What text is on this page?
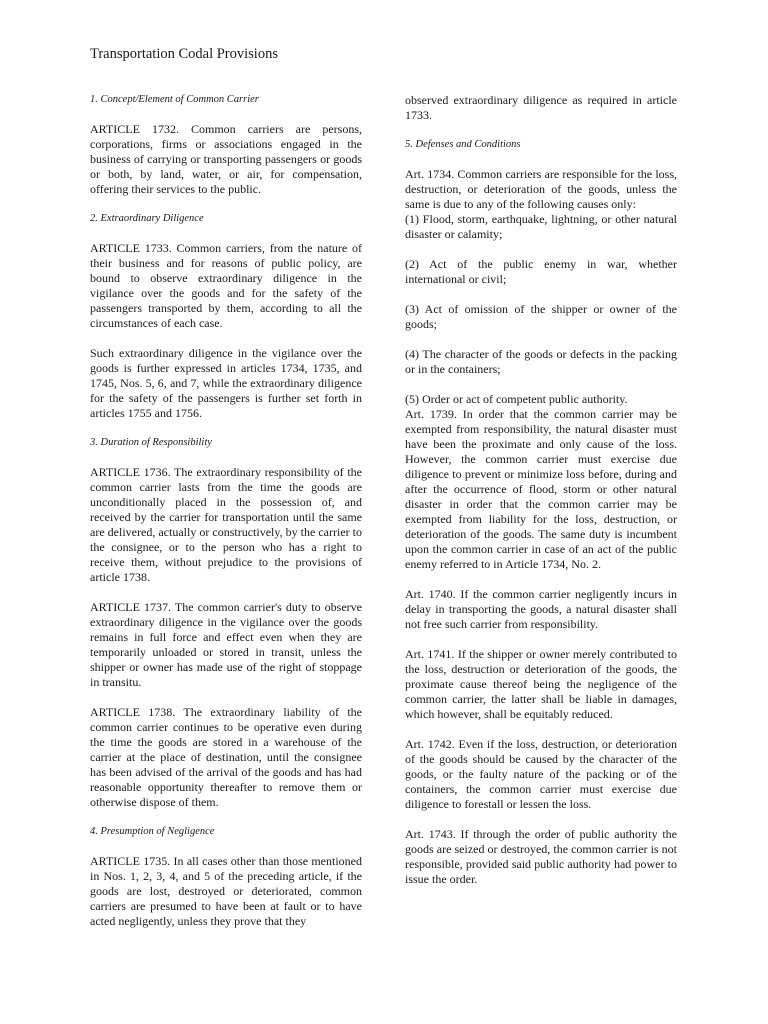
Transportation Codal Provisions
1. Concept/Element of Common Carrier
ARTICLE 1732. Common carriers are persons, corporations, firms or associations engaged in the business of carrying or transporting passengers or goods or both, by land, water, or air, for compensation, offering their services to the public.
2. Extraordinary Diligence
ARTICLE 1733. Common carriers, from the nature of their business and for reasons of public policy, are bound to observe extraordinary diligence in the vigilance over the goods and for the safety of the passengers transported by them, according to all the circumstances of each case.
Such extraordinary diligence in the vigilance over the goods is further expressed in articles 1734, 1735, and 1745, Nos. 5, 6, and 7, while the extraordinary diligence for the safety of the passengers is further set forth in articles 1755 and 1756.
3. Duration of Responsibility
ARTICLE 1736. The extraordinary responsibility of the common carrier lasts from the time the goods are unconditionally placed in the possession of, and received by the carrier for transportation until the same are delivered, actually or constructively, by the carrier to the consignee, or to the person who has a right to receive them, without prejudice to the provisions of article 1738.
ARTICLE 1737. The common carrier's duty to observe extraordinary diligence in the vigilance over the goods remains in full force and effect even when they are temporarily unloaded or stored in transit, unless the shipper or owner has made use of the right of stoppage in transitu.
ARTICLE 1738. The extraordinary liability of the common carrier continues to be operative even during the time the goods are stored in a warehouse of the carrier at the place of destination, until the consignee has been advised of the arrival of the goods and has had reasonable opportunity thereafter to remove them or otherwise dispose of them.
4. Presumption of Negligence
ARTICLE 1735. In all cases other than those mentioned in Nos. 1, 2, 3, 4, and 5 of the preceding article, if the goods are lost, destroyed or deteriorated, common carriers are presumed to have been at fault or to have acted negligently, unless they prove that they
observed extraordinary diligence as required in article 1733.
5. Defenses and Conditions
Art. 1734. Common carriers are responsible for the loss, destruction, or deterioration of the goods, unless the same is due to any of the following causes only:
(1) Flood, storm, earthquake, lightning, or other natural disaster or calamity;
(2) Act of the public enemy in war, whether international or civil;
(3) Act of omission of the shipper or owner of the goods;
(4) The character of the goods or defects in the packing or in the containers;
(5) Order or act of competent public authority.
Art. 1739. In order that the common carrier may be exempted from responsibility, the natural disaster must have been the proximate and only cause of the loss. However, the common carrier must exercise due diligence to prevent or minimize loss before, during and after the occurrence of flood, storm or other natural disaster in order that the common carrier may be exempted from liability for the loss, destruction, or deterioration of the goods. The same duty is incumbent upon the common carrier in case of an act of the public enemy referred to in Article 1734, No. 2.
Art. 1740. If the common carrier negligently incurs in delay in transporting the goods, a natural disaster shall not free such carrier from responsibility.
Art. 1741. If the shipper or owner merely contributed to the loss, destruction or deterioration of the goods, the proximate cause thereof being the negligence of the common carrier, the latter shall be liable in damages, which however, shall be equitably reduced.
Art. 1742. Even if the loss, destruction, or deterioration of the goods should be caused by the character of the goods, or the faulty nature of the packing or of the containers, the common carrier must exercise due diligence to forestall or lessen the loss.
Art. 1743. If through the order of public authority the goods are seized or destroyed, the common carrier is not responsible, provided said public authority had power to issue the order.
